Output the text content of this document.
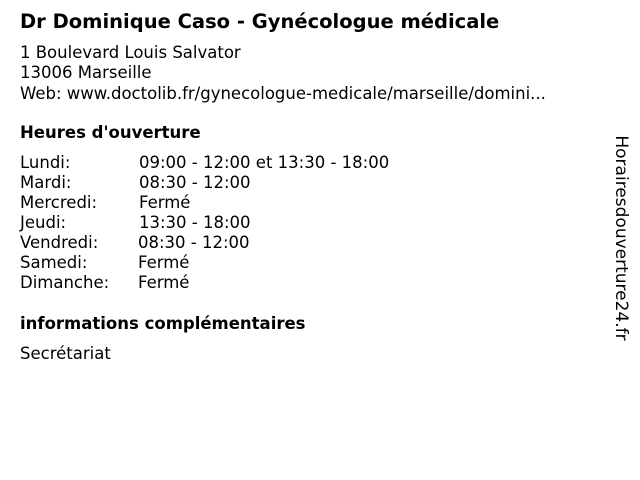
Dr Dominique Caso - Gynécologue médicale
1 Boulevard Louis Salvator
13006 Marseille
Web: www.doctolib.fr/gynecologue-medicale/marseille/domini...
Heures d'ouverture
Lundi:	09:00 - 12:00 et 13:30 - 18:00
Mardi:	08:30 - 12:00
Mercredi:	Fermé
Jeudi:	13:30 - 18:00
Vendredi: 08:30 - 12:00
Samedi:	Fermé
Dimanche: Fermé
informations complémentaires
Secrétariat
Horairesdouverture24.fr
